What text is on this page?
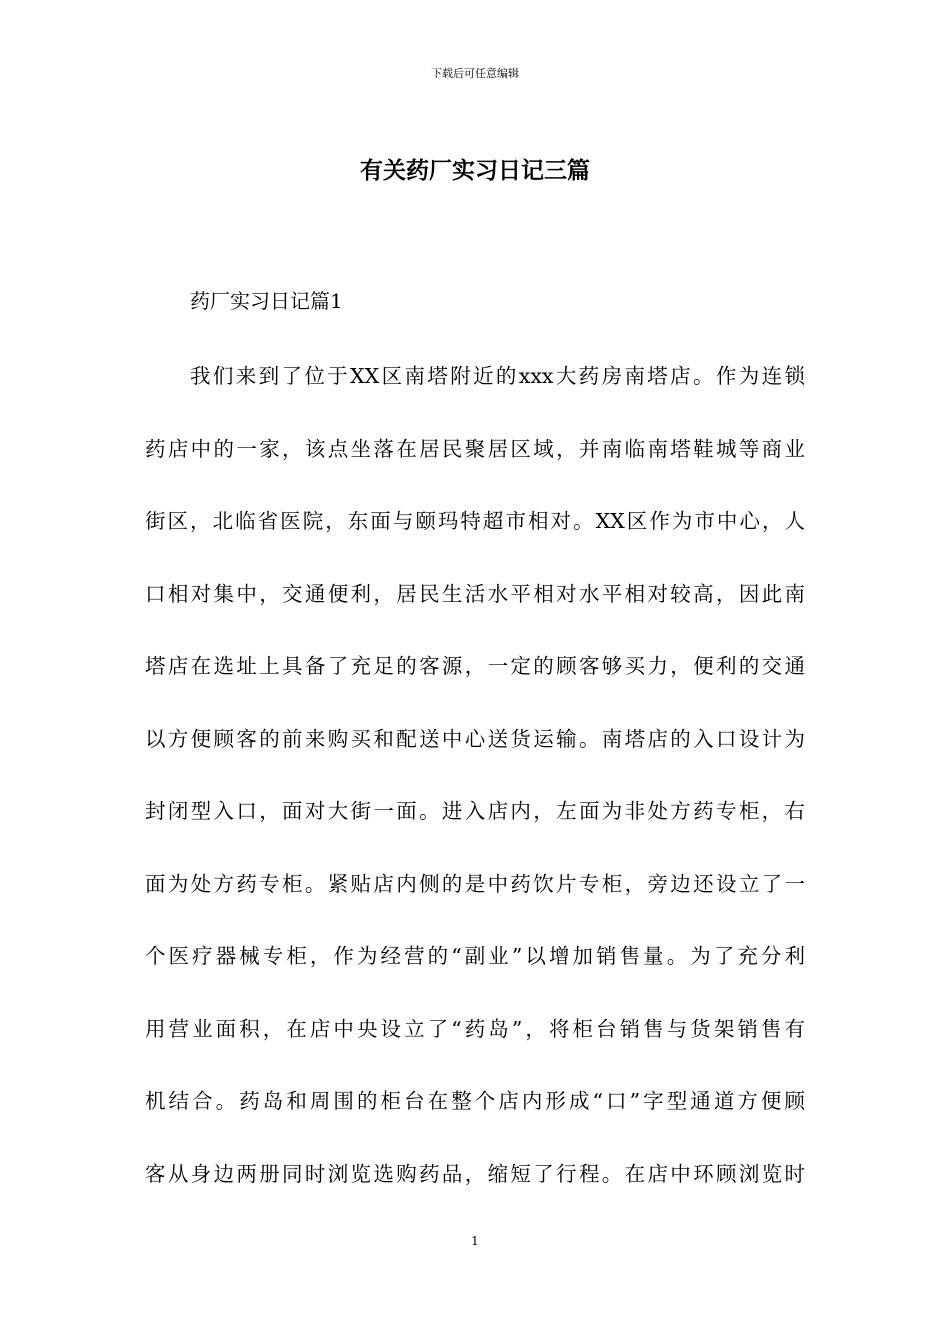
下载后可任意编辑
有关药厂实习日记三篇
药厂实习日记篇1
我们来到了位于XX区南塔附近的xxx大药房南塔店。作为连锁
药店中的一家，该点坐落在居民聚居区域，并南临南塔鞋城等商业
街区，北临省医院，东面与颐玛特超市相对。XX区作为市中心，人
口相对集中，交通便利，居民生活水平相对水平相对较高，因此南
塔店在选址上具备了充足的客源，一定的顾客够买力，便利的交通
以方便顾客的前来购买和配送中心送货运输。南塔店的入口设计为
封闭型入口，面对大街一面。进入店内，左面为非处方药专柜，右
面为处方药专柜。紧贴店内侧的是中药饮片专柜，旁边还设立了一
个医疗器械专柜，作为经营的“副业”以增加销售量。为了充分利
用营业面积，在店中央设立了“药岛”，将柜台销售与货架销售有
机结合。药岛和周围的柜台在整个店内形成“口”字型通道方便顾
客从身边两册同时浏览选购药品，缩短了行程。在店中环顾浏览时
1
